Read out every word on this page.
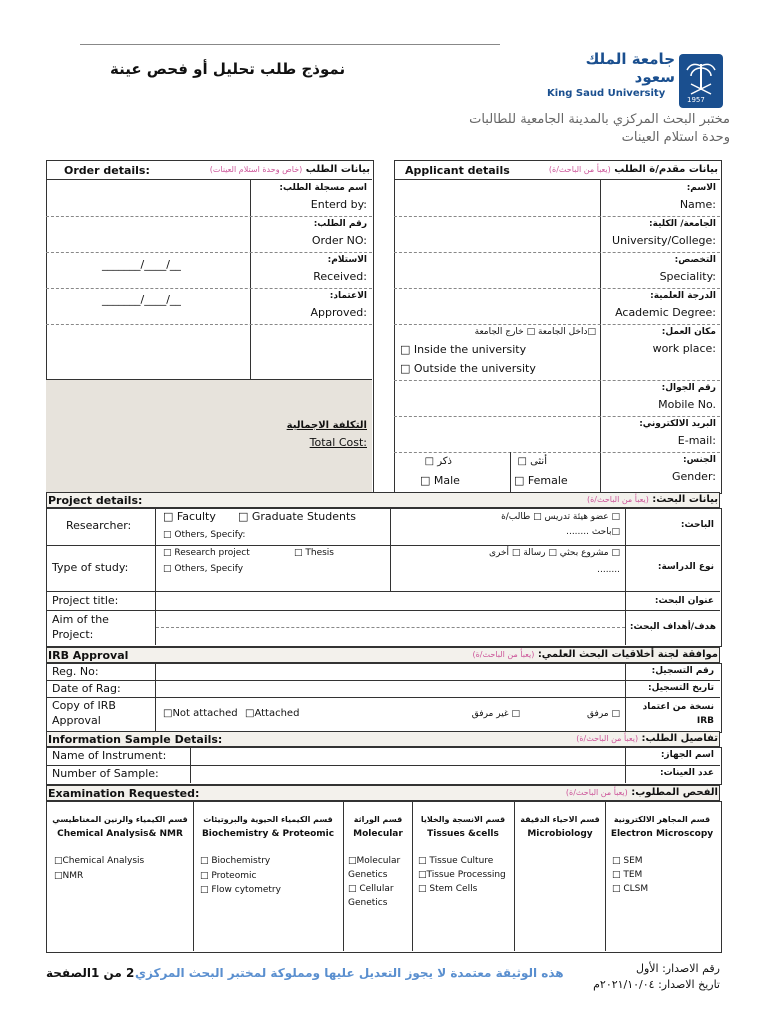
نموذج طلب تحليل أو فحص عينة
جامعة الملك سعود
King Saud University
1957
مختبر البحث المركزي بالمدينة الجامعية للطالبات
وحدة استلام العينات
Order details:	بيانات الطلب (خاص وحدة استلام العينات)
اسم مسجلة الطلب:
Enterd by:
رقم الطلب:
Order NO:
_______/____/__	الاستلام:
Received:
_______/____/__	الاعتماد:
Approved:
التكلفة الاجمالية
Total Cost:
Applicant details	بيانات مقدم/ة الطلب (يعبأ من الباحث/ة)
الاسم:
Name:
الجامعة/ الكلية:
University/College:
التخصص:
Speciality:
الدرجة العلمية:
Academic Degree:
مكان العمل:
work place:
□داخل الجامعة □ خارج الجامعة
□ Inside the university
□ Outside the university
رقم الجوال:
Mobile No.
البريد الالكتروني:
E-mail:
الجنس:
Gender:
ذكر □	أنثى □
□ Male	□ Female
Project details:	بيانات البحث: (يعبأ من الباحث/ة)
Researcher:
□ Faculty □ Graduate Students
□ Others, Specify:
□ عضو هيئة تدريس □ طالب/ة
□باحث ........
الباحث:
Type of study:
□ Research project	□ Thesis
□ Others, Specify
□ مشروع بحثي □ رسالة □ أخرى
........	نوع الدراسة:
Project title:	عنوان البحث:
Aim of the Project:
هدف/أهداف البحث:
IRB Approval	موافقة لجنة أخلاقيات البحث العلمي: (يعبأ من الباحث/ة)
Reg. No:	رقم التسجيل:
Date of Rag:	تاريخ التسجيل:
Copy of IRB Approval
نسخة من اعتماد IRB
□Not attached □Attached	□ مرفق
□ غير مرفق
Information Sample Details:	تفاصيل الطلب: (يعبأ من الباحث/ة)
Name of Instrument:	اسم الجهاز:
Number of Sample:	عدد العينات:
Examination Requested:	الفحص المطلوب: (يعبأ من الباحث/ة)
قسم الكيمياء والرنين المغناطيسي
Chemical Analysis& NMR
□Chemical Analysis
□NMR
قسم الكيمياء الحيوية والبروتيئات
Biochemistry & Proteomic
□ Biochemistry
□ Proteomic
□ Flow cytometry
قسم الوراثة
Molecular
□Molecular
Genetics
□ Cellular
Genetics
قسم الانسجة والخلايا
Tissues &cells
□ Tissue Culture
□Tissue Processing
□ Stem Cells
قسم الاحياء الدقيقة
Microbiology
قسم المجاهر الالكترونية
Electron Microscopy
□ SEM
□ TEM
□ CLSM
2 من 1الصفحة هذه الوثيقة معتمدة لا يجوز التعديل عليها ومملوكة لمختبر البحث المركزي	رقم الاصدار: الأول
تاريخ الاصدار: ٢٠٢١/١٠/٠٤م
